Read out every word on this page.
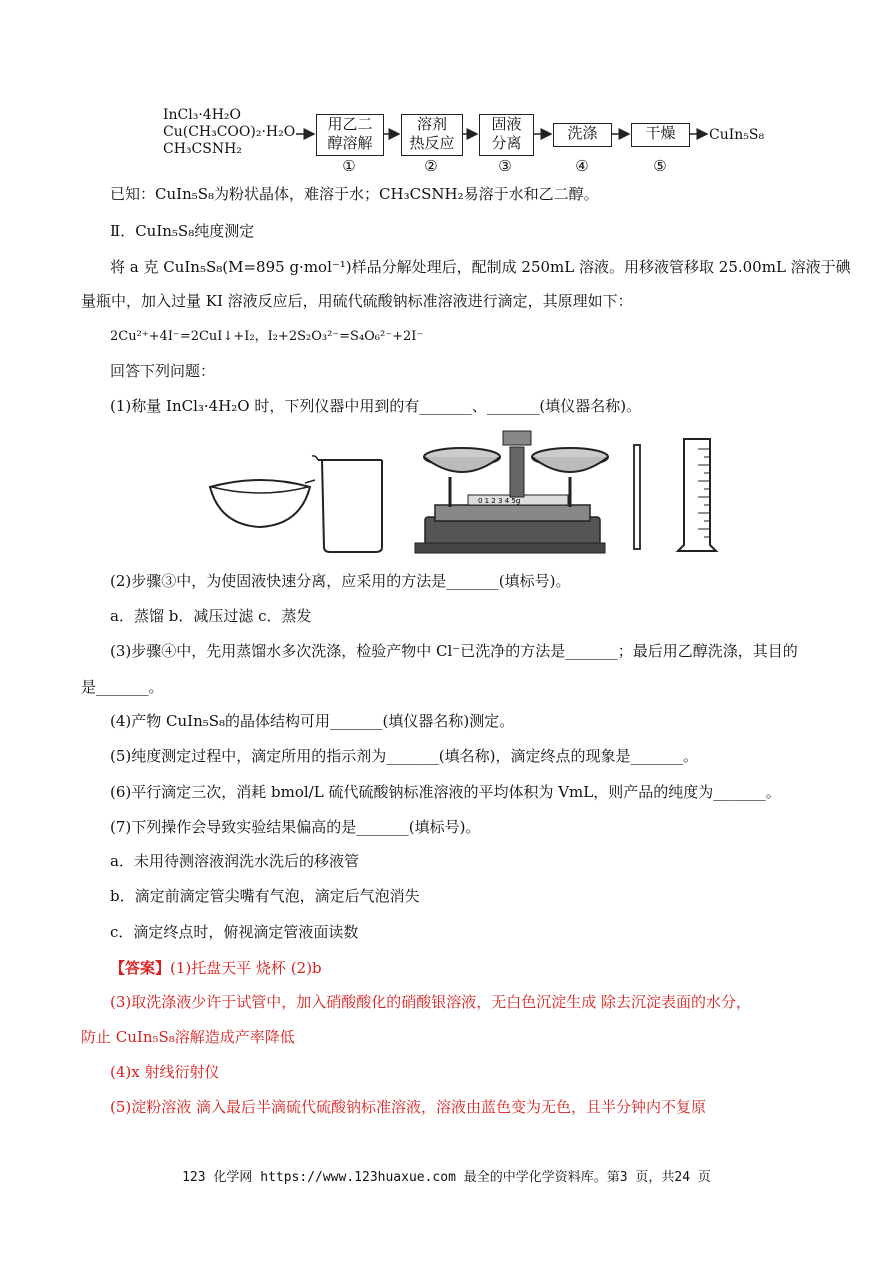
InCl₃·4H₂O
Cu(CH₃COO)₂·H₂O
CH₃CSNH₂
用乙二
醇溶解
溶剂
热反应
固液
分离
洗涤	干燥	CuIn₅S₈
①	②	③	④	⑤
已知：CuIn₅S₈为粉状晶体，难溶于水；CH₃CSNH₂易溶于水和乙二醇。
Ⅱ．CuIn₅S₈纯度测定
将 a 克 CuIn₅S₈(M=895 g·mol⁻¹)样品分解处理后，配制成 250mL 溶液。用移液管移取 25.00mL 溶液于碘
量瓶中，加入过量 KI 溶液反应后，用硫代硫酸钠标准溶液进行滴定，其原理如下：
2Cu²⁺+4I⁻=2CuI↓+I₂，I₂+2S₂O₃²⁻=S₄O₆²⁻+2I⁻
回答下列问题：
(1)称量 InCl₃·4H₂O 时，下列仪器中用到的有_______、_______(填仪器名称)。
0 1 2 3 4 5g
(2)步骤③中，为使固液快速分离，应采用的方法是_______(填标号)。
a．蒸馏 b．减压过滤 c．蒸发
(3)步骤④中，先用蒸馏水多次洗涤，检验产物中 Cl⁻已洗净的方法是_______；最后用乙醇洗涤，其目的
是_______。
(4)产物 CuIn₅S₈的晶体结构可用_______(填仪器名称)测定。
(5)纯度测定过程中，滴定所用的指示剂为_______(填名称)，滴定终点的现象是_______。
(6)平行滴定三次，消耗 bmol/L 硫代硫酸钠标准溶液的平均体积为 VmL，则产品的纯度为_______。
(7)下列操作会导致实验结果偏高的是_______(填标号)。
a．未用待测溶液润洗水洗后的移液管
b．滴定前滴定管尖嘴有气泡，滴定后气泡消失
c．滴定终点时，俯视滴定管液面读数
【答案】(1)托盘天平 烧杯 (2)b
(3)取洗涤液少许于试管中，加入硝酸酸化的硝酸银溶液，无白色沉淀生成 除去沉淀表面的水分，
防止 CuIn₅S₈溶解造成产率降低
(4)x 射线衍射仪
(5)淀粉溶液 滴入最后半滴硫代硫酸钠标准溶液，溶液由蓝色变为无色，且半分钟内不复原
123 化学网 https://www.123huaxue.com 最全的中学化学资料库。第3 页，共24 页
